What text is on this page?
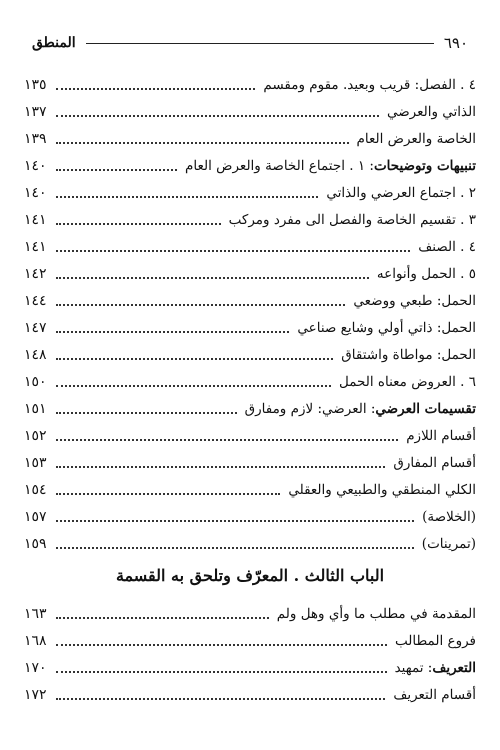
٦٩٠
المنطق
٤ . الفصل: قريب وبعيد. مقوم ومقسم
١٣٥
الذاتي والعرضي
١٣٧
الخاصة والعرض العام
١٣٩
تنبيهات وتوضيحات: ١ . اجتماع الخاصة والعرض العام
١٤٠
٢ . اجتماع العرضي والذاتي
١٤٠
٣ . تقسيم الخاصة والفصل الى مفرد ومركب
١٤١
٤ . الصنف
١٤١
٥ . الحمل وأنواعه
١٤٢
الحمل: طبعي ووضعي
١٤٤
الحمل: ذاتي أولي وشايع صناعي
١٤٧
الحمل: مواطاة واشتقاق
١٤٨
٦ . العروض معناه الحمل
١٥٠
تقسيمات العرضي: العرضي: لازم ومفارق
١٥١
أقسام اللازم
١٥٢
أقسام المفارق
١٥٣
الكلي المنطقي والطبيعي والعقلي
١٥٤
(الخلاصة)
١٥٧
(تمرينات)
١٥٩
الباب الثالث . المعرّف وتلحق به القسمة
المقدمة في مطلب ما وأي وهل ولم
١٦٣
فروع المطالب
١٦٨
التعريف: تمهيد
١٧٠
أقسام التعريف
١٧٢
